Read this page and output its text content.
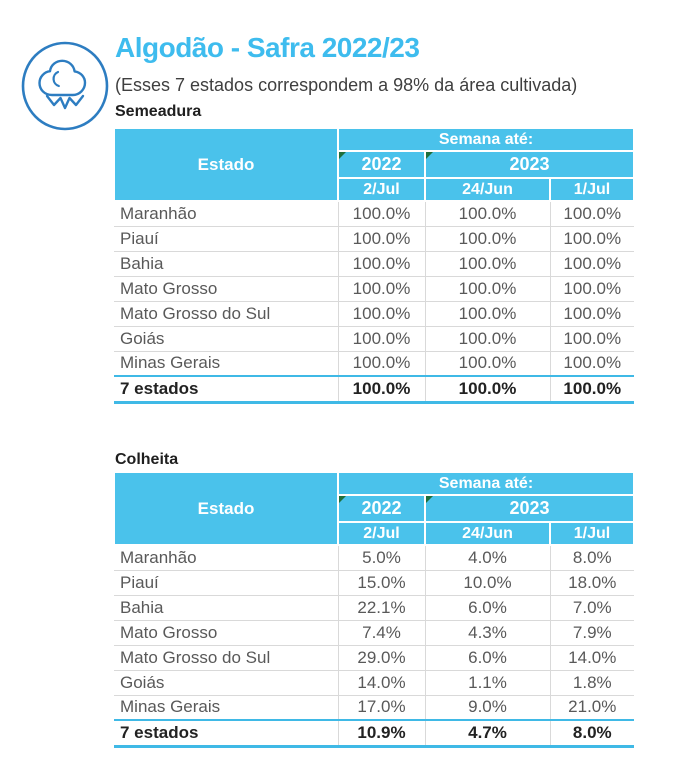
Algodão - Safra 2022/23
(Esses 7 estados correspondem a 98% da área cultivada)
Semeadura
Estado	Semana até:		

2022	2023	
	2/Jul	24/Jun	1/Jul
Maranhão	100.0%	100.0%	100.0%
Piauí	100.0%	100.0%	100.0%
Bahia	100.0%	100.0%	100.0%
Mato Grosso	100.0%	100.0%	100.0%
Mato Grosso do Sul	100.0%	100.0%	100.0%
Goiás	100.0%	100.0%	100.0%
Minas Gerais	100.0%	100.0%	100.0%
7 estados	100.0%	100.0%	100.0%
Colheita
Estado	Semana até:		

2022	2023	
	2/Jul	24/Jun	1/Jul
Maranhão	5.0%	4.0%	8.0%
Piauí	15.0%	10.0%	18.0%
Bahia	22.1%	6.0%	7.0%
Mato Grosso	7.4%	4.3%	7.9%
Mato Grosso do Sul	29.0%	6.0%	14.0%
Goiás	14.0%	1.1%	1.8%
Minas Gerais	17.0%	9.0%	21.0%
7 estados	10.9%	4.7%	8.0%
